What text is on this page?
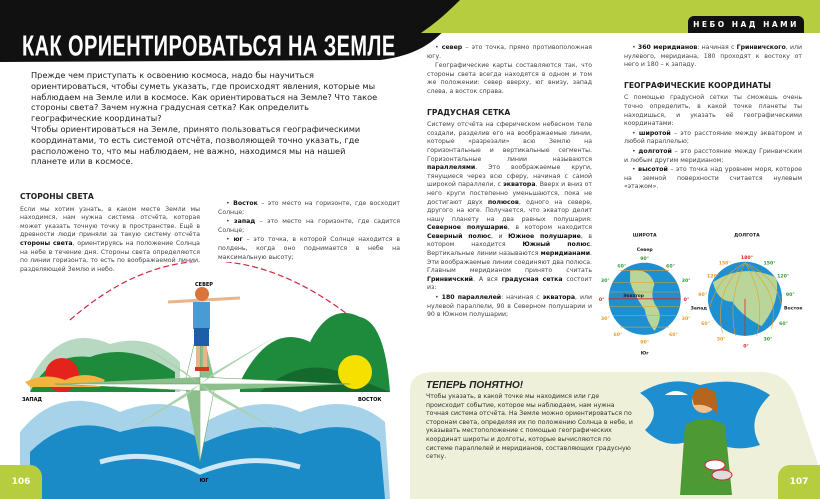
КАК ОРИЕНТИРОВАТЬСЯ НА ЗЕМЛЕ
НЕБО НАД НАМИ

Прежде чем приступать к освоению космоса, надо бы научиться ориентироваться, чтобы суметь указать, где происходят явления, которые мы наблюдаем на Земле или в космосе. Как ориентироваться на Земле? Что такое стороны света? Зачем нужна градусная сетка? Как определить географические координаты?

Чтобы ориентироваться на Земле, принято пользоваться географическими координатами, то есть системой отсчёта, позволяющей точно указать, где расположено то, что мы наблюдаем, не важно, находимся мы на нашей планете или в космосе.

СТОРОНЫ СВЕТА

Если мы хотим узнать, в каком месте Земли мы находимся, нам нужна система отсчёта, которая может указать точную точку в пространстве. Ещё в древности люди приняли за такую систему отсчёта стороны света, ориентируясь на положение Солнца на небе в течение дня. Стороны света определяются по линии горизонта, то есть по воображаемой линии, разделяющей Землю и небо.

• Восток – это место на горизонте, где восходит Солнце;

• запад – это место на горизонте, где садится Солнце;

• юг – это точка, в которой Солнце находится в полдень, когда оно поднимается в небе на максимальную высоту;

СЕВЕР
ЗАПАД	ВОСТОК
ЮГ

• север – это точка, прямо противоположная югу.

Географические карты составляются так, что стороны света всегда находятся в одном и том же положении: север вверху, юг внизу, запад слева, а восток справа.

ГРАДУСНАЯ СЕТКА

Систему отсчёта на сферическом небесном теле создали, разделив его на воображаемые линии, которые «разрезали» всю Землю на горизонтальные и вертикальные сегменты. Горизонтальные линии называются параллелями. Это воображаемые круги, тянущиеся через всю сферу, начиная с самой широкой параллели, с экватора. Вверх и вниз от него круги постепенно уменьшаются, пока не достигают двух полюсов, одного на севере, другого на юге. Получается, что экватор делит нашу планету на два равных полушария: Северное полушарие, в котором находится Северный полюс, и Южное полушарие, в котором находится Южный полюс. Вертикальные линии называются меридианами. Эти воображаемые линии соединяют два полюса. Главным меридианом принято считать Гринвичский. А вся градусная сетка состоит из:

• 180 параллелей: начиная с экватора, или нулевой параллели, 90 в Северном полушарии и 90 в Южном полушарии;

• 360 меридианов: начиная с Гринвичского, или нулевого, меридиана, 180 проходят к востоку от него и 180 – к западу.

ГЕОГРАФИЧЕСКИЕ КООРДИНАТЫ

С помощью градусной сетки ты сможешь очень точно определить, в какой точке планеты ты находишься, и указать её географическими координатами:

• широтой – это расстояние между экватором и любой параллелью;

• долготой – это расстояние между Гринвичским и любым другим меридианом;

• высотой – это точка над уровнем моря, которое на земной поверхности считается нулевым «этажом».

ШИРОТА
Север
Экватор
90°
60°	60°
30°	30°
0°	0°
30°	30°
60°	60°
90°
Юг
ДОЛГОТА
180°
150°	150°
120°	120°
90°	90°
60°	60°
30°	30°
0°
Запад	Восток
ТЕПЕРЬ ПОНЯТНО!
Чтобы указать, в какой точке мы находимся или где происходит событие, которое мы наблюдаем, нам нужна точная система отсчёта. На Земле можно ориентироваться по сторонам света, определяя их по положению Солнца в небе, и указывать местоположение с помощью географических координат широты и долготы, которые вычисляются по системе параллелей и меридианов, составляющих градусную сетку.
106	107
